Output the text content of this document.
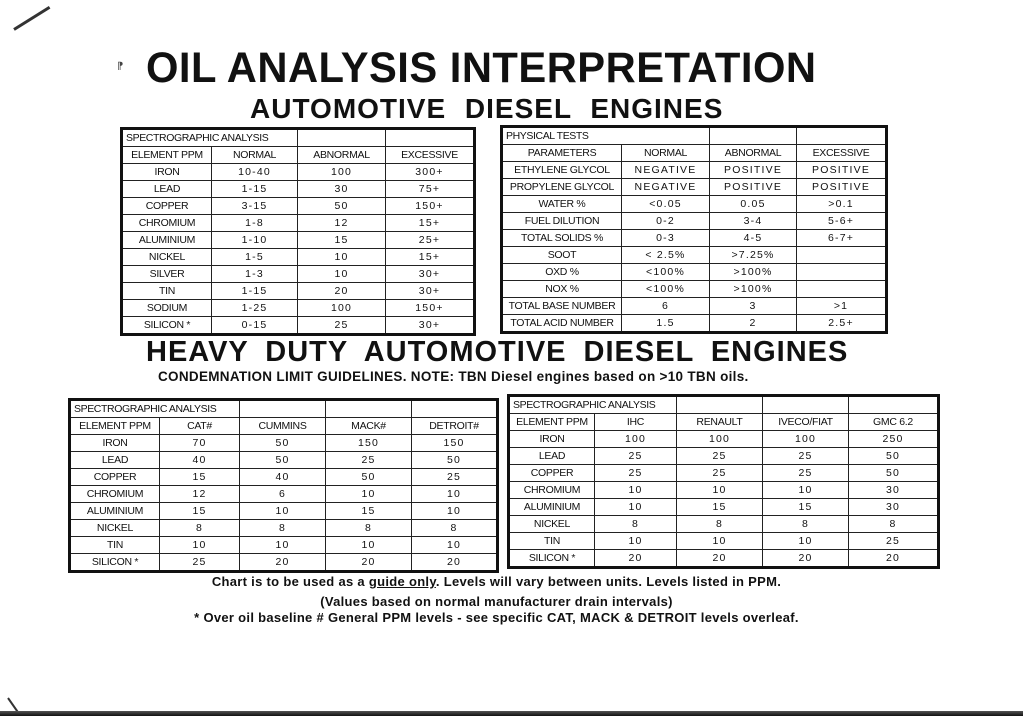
⁋ OIL ANALYSIS INTERPRETATION
AUTOMOTIVE DIESEL ENGINES
SPECTROGRAPHIC ANALYSIS			
ELEMENT PPM	NORMAL	ABNORMAL	EXCESSIVE
IRON	10-40	100	300+
LEAD	1-15	30	75+
COPPER	3-15	50	150+
CHROMIUM	1-8	12	15+
ALUMINIUM	1-10	15	25+
NICKEL	1-5	10	15+
SILVER	1-3	10	30+
TIN	1-15	20	30+
SODIUM	1-25	100	150+
SILICON *	0-15	25	30+
PHYSICAL TESTS			
PARAMETERS	NORMAL	ABNORMAL	EXCESSIVE
ETHYLENE GLYCOL	NEGATIVE	POSITIVE	POSITIVE
PROPYLENE GLYCOL	NEGATIVE	POSITIVE	POSITIVE
WATER %	<0.05	0.05	>0.1
FUEL DILUTION	0-2	3-4	5-6+
TOTAL SOLIDS %	0-3	4-5	6-7+
SOOT	< 2.5%	>7.25%	
OXD %	<100%	>100%	
NOX %	<100%	>100%	
TOTAL BASE NUMBER	6	3	>1
TOTAL ACID NUMBER	1.5	2	2.5+
HEAVY DUTY AUTOMOTIVE DIESEL ENGINES
CONDEMNATION LIMIT GUIDELINES. NOTE: TBN Diesel engines based on >10 TBN oils.
SPECTROGRAPHIC ANALYSIS				
ELEMENT PPM	CAT#	CUMMINS	MACK#	DETROIT#
IRON	70	50	150	150
LEAD	40	50	25	50
COPPER	15	40	50	25
CHROMIUM	12	6	10	10
ALUMINIUM	15	10	15	10
NICKEL	8	8	8	8
TIN	10	10	10	10
SILICON *	25	20	20	20
SPECTROGRAPHIC ANALYSIS				
ELEMENT PPM	IHC	RENAULT	IVECO/FIAT	GMC 6.2
IRON	100	100	100	250
LEAD	25	25	25	50
COPPER	25	25	25	50
CHROMIUM	10	10	10	30
ALUMINIUM	10	15	15	30
NICKEL	8	8	8	8
TIN	10	10	10	25
SILICON *	20	20	20	20
Chart is to be used as a guide only. Levels will vary between units. Levels listed in PPM.
(Values based on normal manufacturer drain intervals)
* Over oil baseline # General PPM levels - see specific CAT, MACK & DETROIT levels overleaf.
